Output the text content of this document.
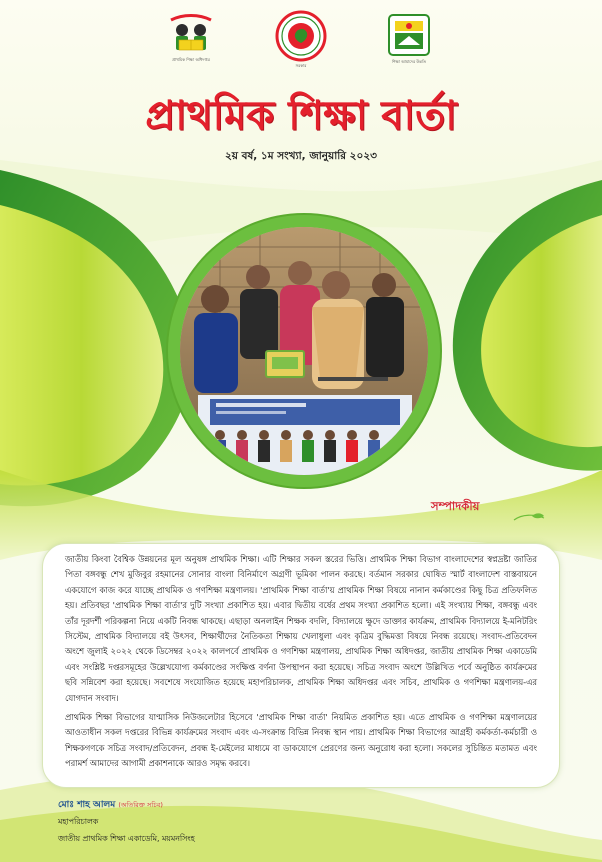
প্রাথমিক শিক্ষা অধিদপ্তর
সরকার
শিক্ষা আমাদের উন্নতি
প্রাথমিক শিক্ষা বার্তা
২য় বর্ষ, ১ম সংখ্যা, জানুয়ারি ২০২৩
সম্পাদকীয়

জাতীয় কিংবা বৈশ্বিক উন্নয়নের মূল অনুষঙ্গ প্রাথমিক শিক্ষা। এটি শিক্ষার সকল স্তরের ভিত্তি। প্রাথমিক শিক্ষা বিভাগ বাংলাদেশের স্বপ্নদ্রষ্টা জাতির পিতা বঙ্গবন্ধু শেখ মুজিবুর রহমানের সোনার বাংলা বিনির্মাণে অগ্রণী ভূমিকা পালন করছে। বর্তমান সরকার ঘোষিত স্মার্ট বাংলাদেশ বাস্তবায়নে একযোগে কাজ করে যাচ্ছে প্রাথমিক ও গণশিক্ষা মন্ত্রণালয়। 'প্রাথমিক শিক্ষা বার্তা'য় প্রাথমিক শিক্ষা বিষয়ে নানান কর্মকাণ্ডের কিছু চিত্র প্রতিফলিত হয়। প্রতিবছর 'প্রাথমিক শিক্ষা বার্তা'র দুটি সংখ্যা প্রকাশিত হয়। এবার দ্বিতীয় বর্ষের প্রথম সংখ্যা প্রকাশিত হলো। এই সংখ্যায় শিক্ষা, বঙ্গবন্ধু এবং তাঁর দূরদর্শী পরিকল্পনা নিয়ে একটি নিবন্ধ থাকছে। এছাড়া অনলাইন শিক্ষক বদলি, বিদ্যালয়ে ক্ষুদে ডাক্তার কার্যক্রম, প্রাথমিক বিদ্যালয়ে ই-মনিটরিং সিস্টেম, প্রাথমিক বিদ্যালয়ে বই উৎসব, শিক্ষার্থীদের নৈতিকতা শিক্ষায় খেলাধুলা এবং কৃত্রিম বুদ্ধিমত্তা বিষয়ে নিবন্ধ রয়েছে। সংবাদ-প্রতিবেদন অংশে জুলাই ২০২২ থেকে ডিসেম্বর ২০২২ কালপর্বে প্রাথমিক ও গণশিক্ষা মন্ত্রণালয়, প্রাথমিক শিক্ষা অধিদপ্তর, জাতীয় প্রাথমিক শিক্ষা একাডেমি এবং সংশ্লিষ্ট দপ্তরসমূহের উল্লেখযোগ্য কর্মকাণ্ডের সংক্ষিপ্ত বর্ণনা উপস্থাপন করা হয়েছে। সচিত্র সংবাদ অংশে উল্লিখিত পর্বে অনুষ্ঠিত কার্যক্রমের ছবি সন্নিবেশ করা হয়েছে। সবশেষে সংযোজিত হয়েছে মহাপরিচালক, প্রাথমিক শিক্ষা অধিদপ্তর এবং সচিব, প্রাথমিক ও গণশিক্ষা মন্ত্রণালয়-এর যোগদান সংবাদ।

প্রাথমিক শিক্ষা বিভাগের যাণ্মাসিক নিউজলেটার হিসেবে 'প্রাথমিক শিক্ষা বার্তা' নিয়মিত প্রকাশিত হয়। এতে প্রাথমিক ও গণশিক্ষা মন্ত্রণালয়ের আওতাধীন সকল দপ্তরের বিভিন্ন কার্যক্রমের সংবাদ এবং এ-সংক্রান্ত বিভিন্ন নিবন্ধ স্থান পায়। প্রাথমিক শিক্ষা বিভাগের আগ্রহী কর্মকর্তা-কর্মচারী ও শিক্ষকগণকে সচিত্র সংবাদ/প্রতিবেদন, প্রবন্ধ ই-মেইলের মাধ্যমে বা ডাকযোগে প্রেরণের জন্য অনুরোধ করা হলো। সকলের সুচিন্তিত মতামত এবং পরামর্শ আমাদের আগামী প্রকাশনাকে আরও সমৃদ্ধ করবে।

মোঃ শাহ আলম (অতিরিক্ত সচিব)
মহাপরিচালক
জাতীয় প্রাথমিক শিক্ষা একাডেমি, ময়মনসিংহ
